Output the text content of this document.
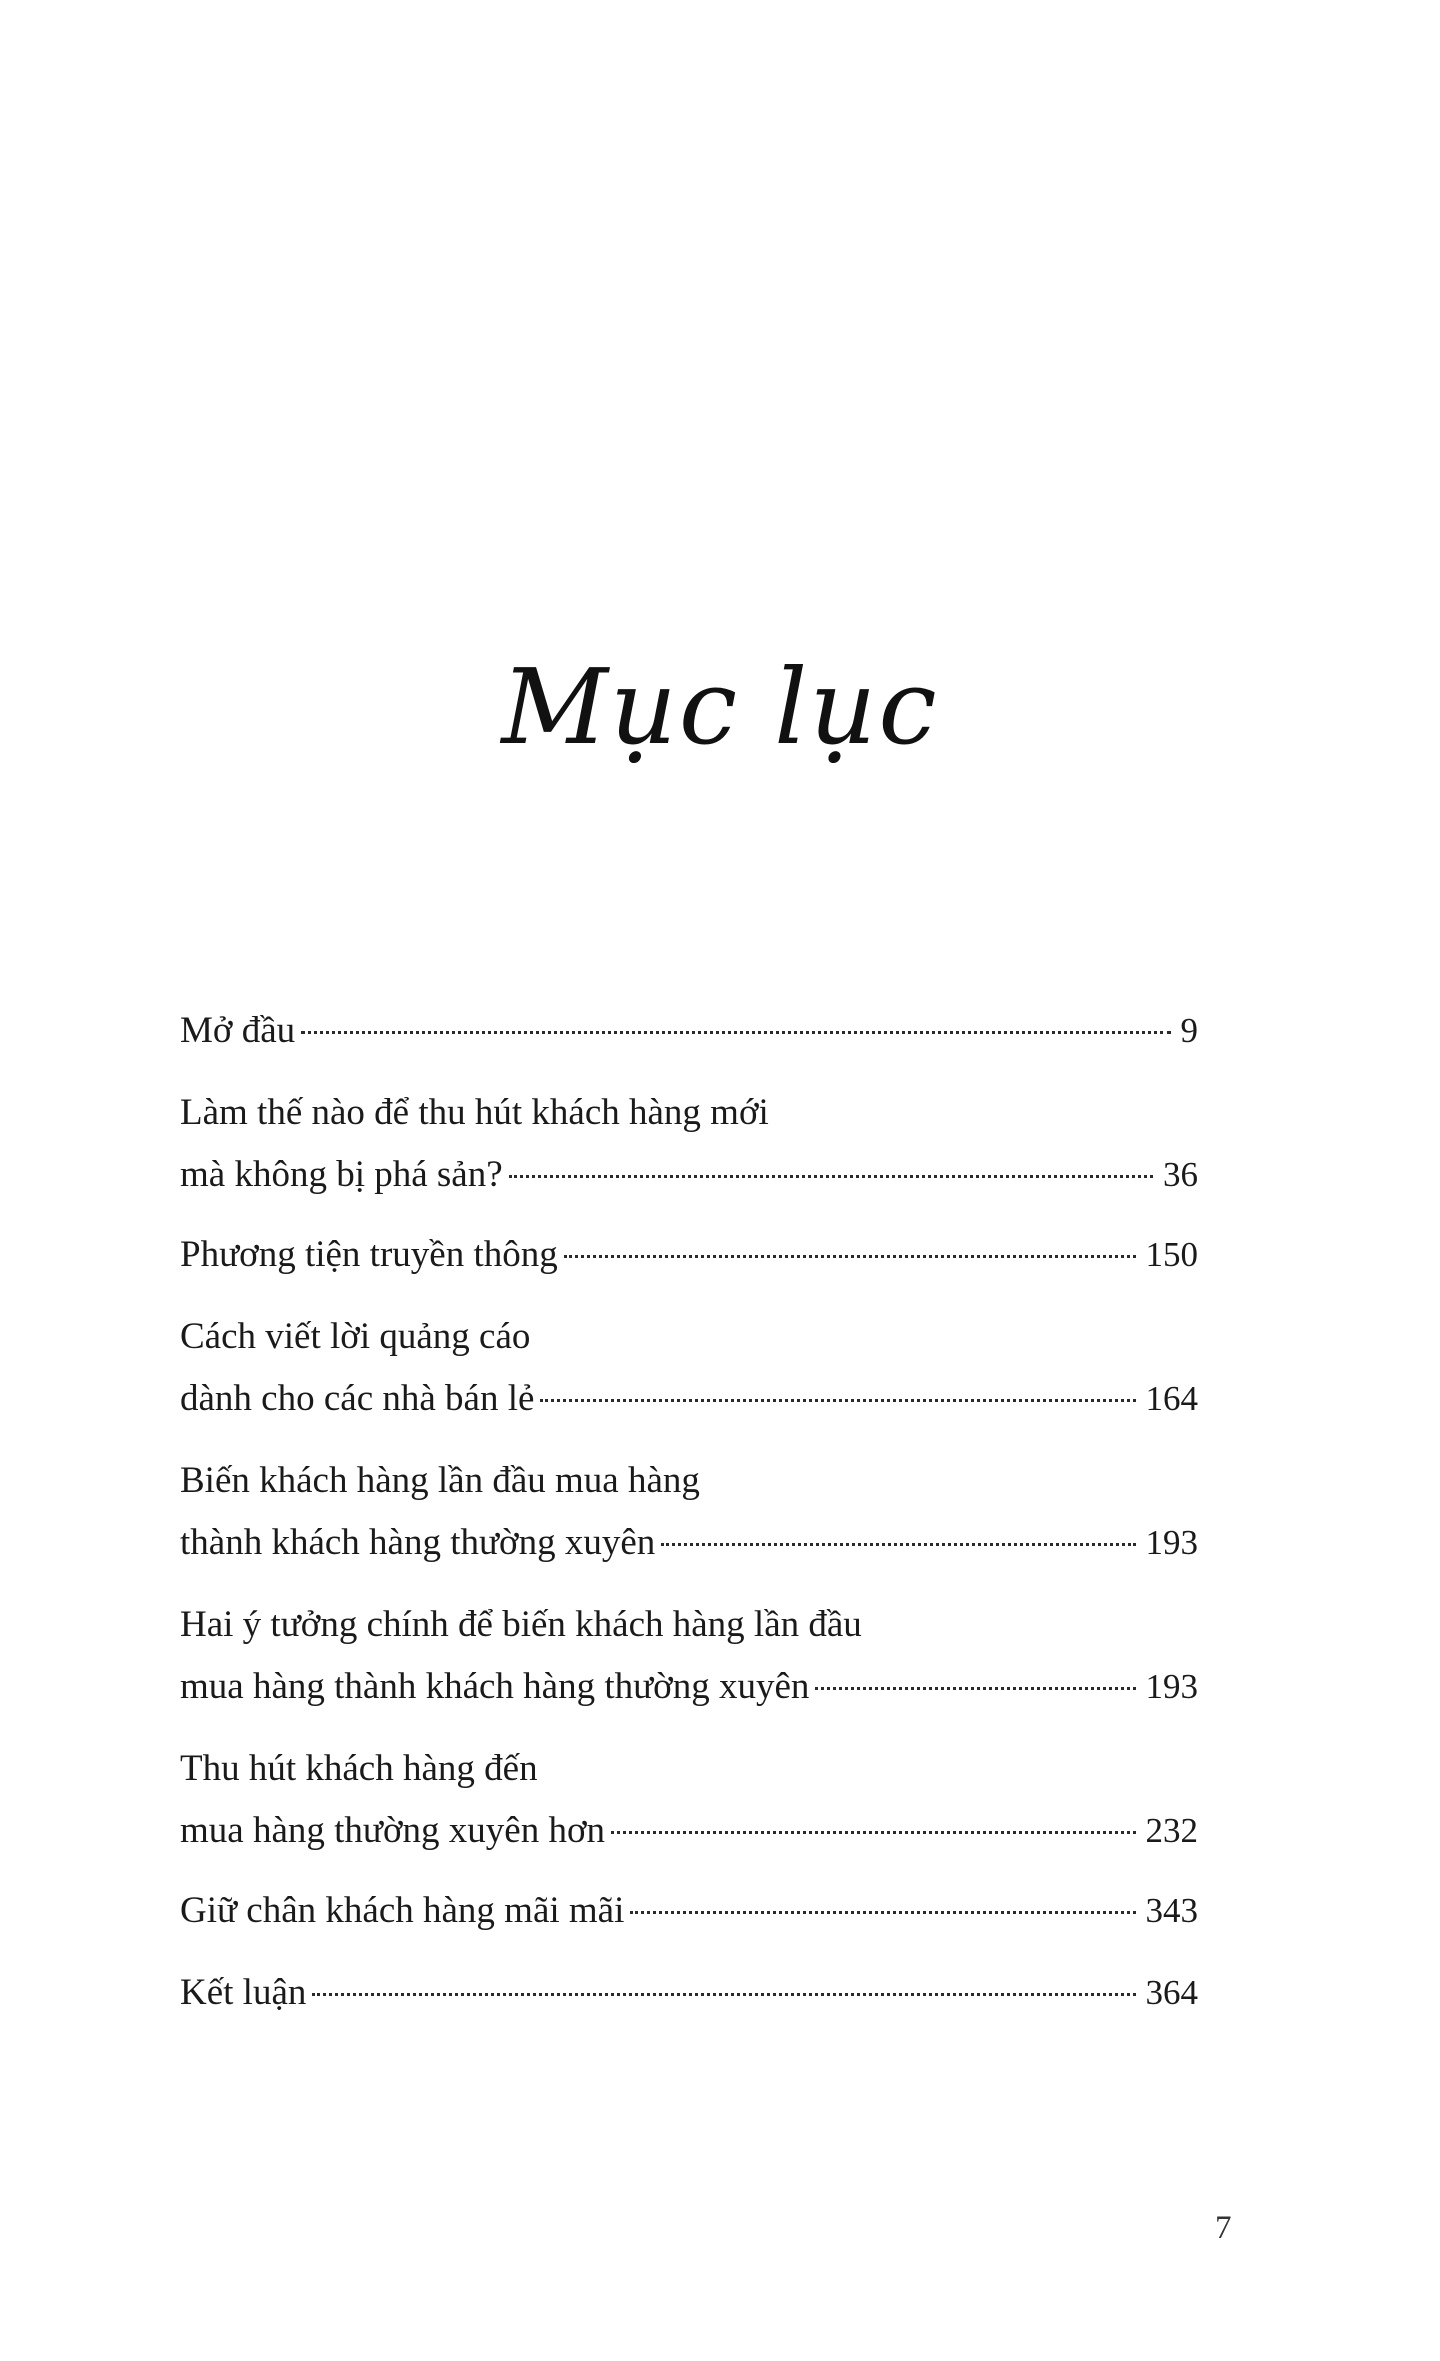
Mục lục
Mở đầu	9
Làm thế nào để thu hút khách hàng mới
mà không bị phá sản?	36
Phương tiện truyền thông	150
Cách viết lời quảng cáo
dành cho các nhà bán lẻ	164
Biến khách hàng lần đầu mua hàng
thành khách hàng thường xuyên	193
Hai ý tưởng chính để biến khách hàng lần đầu
mua hàng thành khách hàng thường xuyên	193
Thu hút khách hàng đến
mua hàng thường xuyên hơn	232
Giữ chân khách hàng mãi mãi	343
Kết luận	364
7
